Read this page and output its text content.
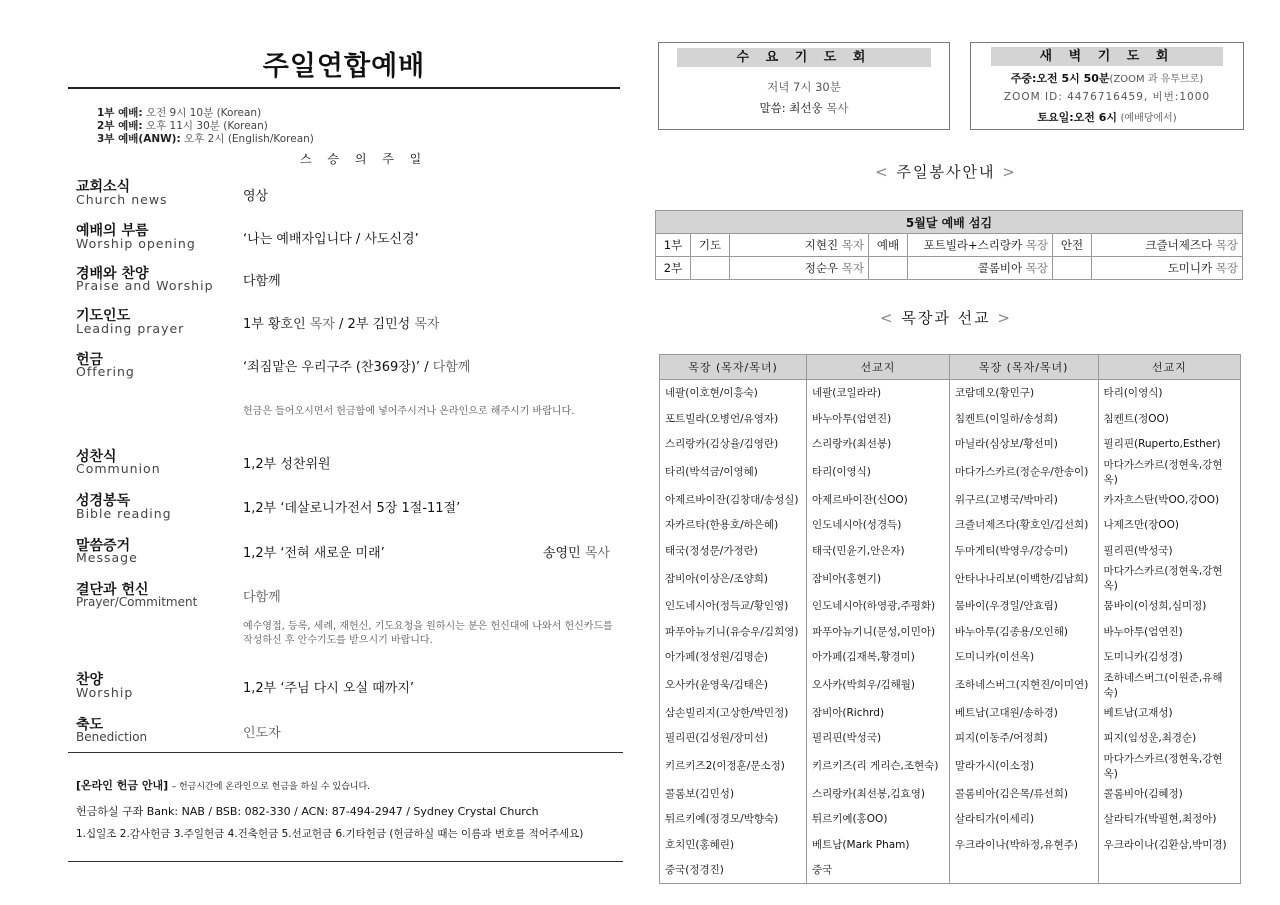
주일연합예배
1부 예배: 오전 9시 10분 (Korean)
2부 예배: 오후 11시 30분 (Korean)
3부 예배(ANW): 오후 2시 (English/Korean)
스 승 의 주 일
교회소식
Church news	영상
예배의 부름
Worship opening	‘나는 예배자입니다 / 사도신경’
경배와 찬양
Praise and Worship 다함께
기도인도
Leading prayer	1부 황호인 목자 / 2부 김민성 목자
헌금
Offering	‘죄짐맡은 우리구주 (찬369장)’ / 다함께
헌금은 들어오시면서 헌금함에 넣어주시거나 온라인으로 해주시기 바랍니다.
성찬식
Communion	1,2부 성찬위원
성경봉독
Bible reading	1,2부 ‘데살로니가전서 5장 1절-11절’
말씀증거
Message	1,2부 ‘전혀 새로운 미래’	송영민 목사
결단과 헌신
Prayer/Commitment	다함께
예수영접, 등록, 세례, 재헌신, 기도요청을 원하시는 분은 헌신대에 나와서 헌신카드를 작성하신 후 안수기도를 받으시기 바랍니다.
찬양
Worship	1,2부 ‘주님 다시 오실 때까지’
축도
Benediction	인도자
[온라인 헌금 안내] – 헌금시간에 온라인으로 헌금을 하실 수 있습니다.
헌금하실 구좌 Bank: NAB / BSB: 082-330 / ACN: 87-494-2947 / Sydney Crystal Church
1.십일조 2.감사헌금 3.주일헌금 4.건축헌금 5.선교헌금 6.기타헌금 (헌금하실 때는 이름과 번호를 적어주세요)
수 요 기 도 회
저녁 7시 30분
말씀: 최선웅 목사
새 벽 기 도 회
주중:오전 5시 50분(ZOOM 과 유투브로)
ZOOM ID: 4476716459, 비번:1000
토요일:오전 6시 (예배당에서)
< 주일봉사안내 >
5월달 예배 섬김						
1부	기도	지현진 목자	예배	포트빌라+스리랑카 목장	안전	크즐너제즈다 목장
2부		정순우 목자		콜롬비아 목장		도미니카 목장
< 목장과 선교 >
목장 (목자/목녀)	선교지	목장 (목자/목녀)	선교지
네팔(이호현/이흥숙)	네팔(코일라라)	코람데오(황민구)	타리(이영식)
포트빌라(오병언/유영자)	바누아투(엄연진)	침켄트(이일하/송성희)	침켄트(정OO)
스리랑카(김상율/김영란)	스리랑카(최선봉)	마닐라(심상보/황선미)	필리핀(Ruperto,Esther)
타리(박석금/이영혜)	타리(이영식)	마다가스카르(정순우/한송이)	마다가스카르(정현욱,강현옥)
아제르바이잔(김창대/송성실)	아제르바이잔(신OO)	위구르(고병국/박마리)	카자흐스탄(박OO,강OO)
자카르타(한용호/하은혜)	인도네시아(성경득)	크즐너제즈다(황호인/김선희)	나제즈만(장OO)
태국(정성문/가정란)	태국(민윤기,안은자)	두마게티(박영우/강승미)	필리핀(박성국)
잠비아(이상은/조양희)	잠비아(홍현기)	안타나나리보(이백한/김남희)	마다가스카르(정현욱,강현옥)
인도네시아(정득교/황인영)	인도네시아(하영광,주평화)	뭄바이(우경일/안효림)	뭄바이(이성희,심미정)
파푸아뉴기니(유승우/김희영)	파푸아뉴기니(문성,이민아)	바누아투(김종용/오인해)	바누아투(엄연진)
아가페(정성원/김명순)	아가페(김재복,황경미)	도미니카(이선옥)	도미니카(김성경)
오사카(윤영욱/김태은)	오사카(박희우/김해월)	조하네스버그(지현진/이미연)	조하네스버그(이원준,유해숙)
삼손빌리지(고상한/박민정)	잠비아(Richrd)	베트남(고대원/송하경)	베트남(고재성)
필리핀(김성원/장미선)	필리핀(박성국)	피지(이동주/어정희)	피지(임성운,최경순)
키르키즈2(이정훈/문소정)	키르키즈(리 게리슨,조현숙)	말라가시(이소정)	마다가스카르(정현욱,강현옥)
콜롬보(김민성)	스리랑카(최선봉,김효영)	콜롬비아(김은목/류선희)	콜롬비아(김혜정)
튀르키예(정경모/박향숙)	튀르키예(홍OO)	살라티가(이세리)	살라티가(박필현,최정아)
호치민(홍혜린)	베트남(Mark Pham)	우크라이나(박하정,유현주)	우크라이나(김환삼,박미경)
중국(정경진)	중국		
